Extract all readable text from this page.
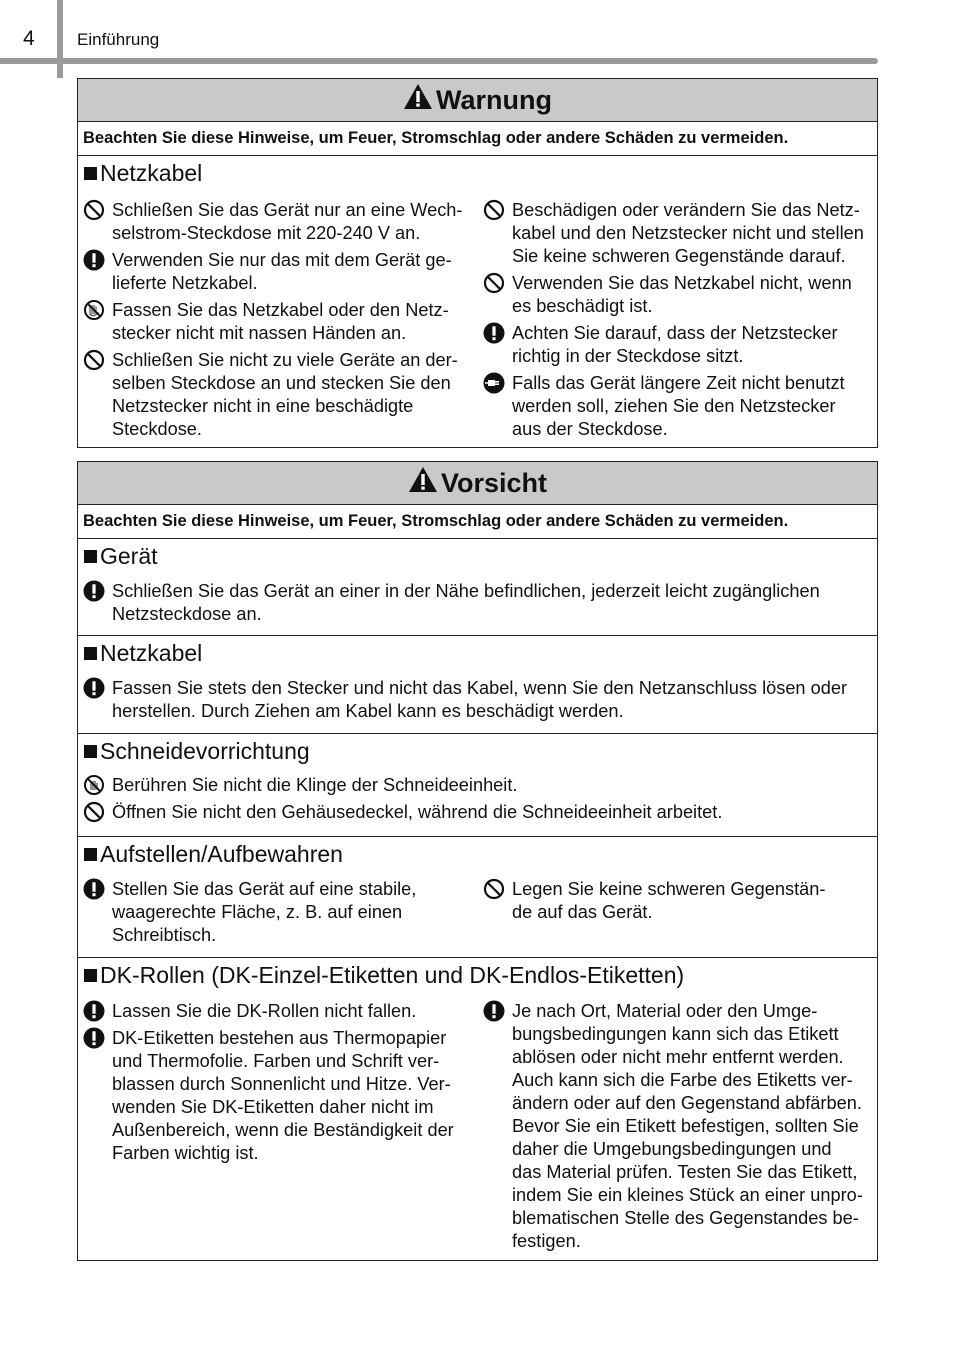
4 Einführung
Warnung
Beachten Sie diese Hinweise, um Feuer, Stromschlag oder andere Schäden zu vermeiden.
Netzkabel
Schließen Sie das Gerät nur an eine Wech-
selstrom-Steckdose mit 220-240 V an.
Verwenden Sie nur das mit dem Gerät ge-
lieferte Netzkabel.
Fassen Sie das Netzkabel oder den Netz-
stecker nicht mit nassen Händen an.
Schließen Sie nicht zu viele Geräte an der-
selben Steckdose an und stecken Sie den
Netzstecker nicht in eine beschädigte
Steckdose.
Beschädigen oder verändern Sie das Netz-
kabel und den Netzstecker nicht und stellen
Sie keine schweren Gegenstände darauf.
Verwenden Sie das Netzkabel nicht, wenn
es beschädigt ist.
Achten Sie darauf, dass der Netzstecker
richtig in der Steckdose sitzt.
Falls das Gerät längere Zeit nicht benutzt
werden soll, ziehen Sie den Netzstecker
aus der Steckdose.
Vorsicht
Beachten Sie diese Hinweise, um Feuer, Stromschlag oder andere Schäden zu vermeiden.
Gerät
Schließen Sie das Gerät an einer in der Nähe befindlichen, jederzeit leicht zugänglichen
Netzsteckdose an.
Netzkabel
Fassen Sie stets den Stecker und nicht das Kabel, wenn Sie den Netzanschluss lösen oder
herstellen. Durch Ziehen am Kabel kann es beschädigt werden.
Schneidevorrichtung
Berühren Sie nicht die Klinge der Schneideeinheit.
Öffnen Sie nicht den Gehäusedeckel, während die Schneideeinheit arbeitet.
Aufstellen/Aufbewahren
Stellen Sie das Gerät auf eine stabile,
waagerechte Fläche, z. B. auf einen
Schreibtisch.
Legen Sie keine schweren Gegenstän-
de auf das Gerät.
DK-Rollen (DK-Einzel-Etiketten und DK-Endlos-Etiketten)
Lassen Sie die DK-Rollen nicht fallen.
DK-Etiketten bestehen aus Thermopapier
und Thermofolie. Farben und Schrift ver-
blassen durch Sonnenlicht und Hitze. Ver-
wenden Sie DK-Etiketten daher nicht im
Außenbereich, wenn die Beständigkeit der
Farben wichtig ist.
Je nach Ort, Material oder den Umge-
bungsbedingungen kann sich das Etikett
ablösen oder nicht mehr entfernt werden.
Auch kann sich die Farbe des Etiketts ver-
ändern oder auf den Gegenstand abfärben.
Bevor Sie ein Etikett befestigen, sollten Sie
daher die Umgebungsbedingungen und
das Material prüfen. Testen Sie das Etikett,
indem Sie ein kleines Stück an einer unpro-
blematischen Stelle des Gegenstandes be-
festigen.
